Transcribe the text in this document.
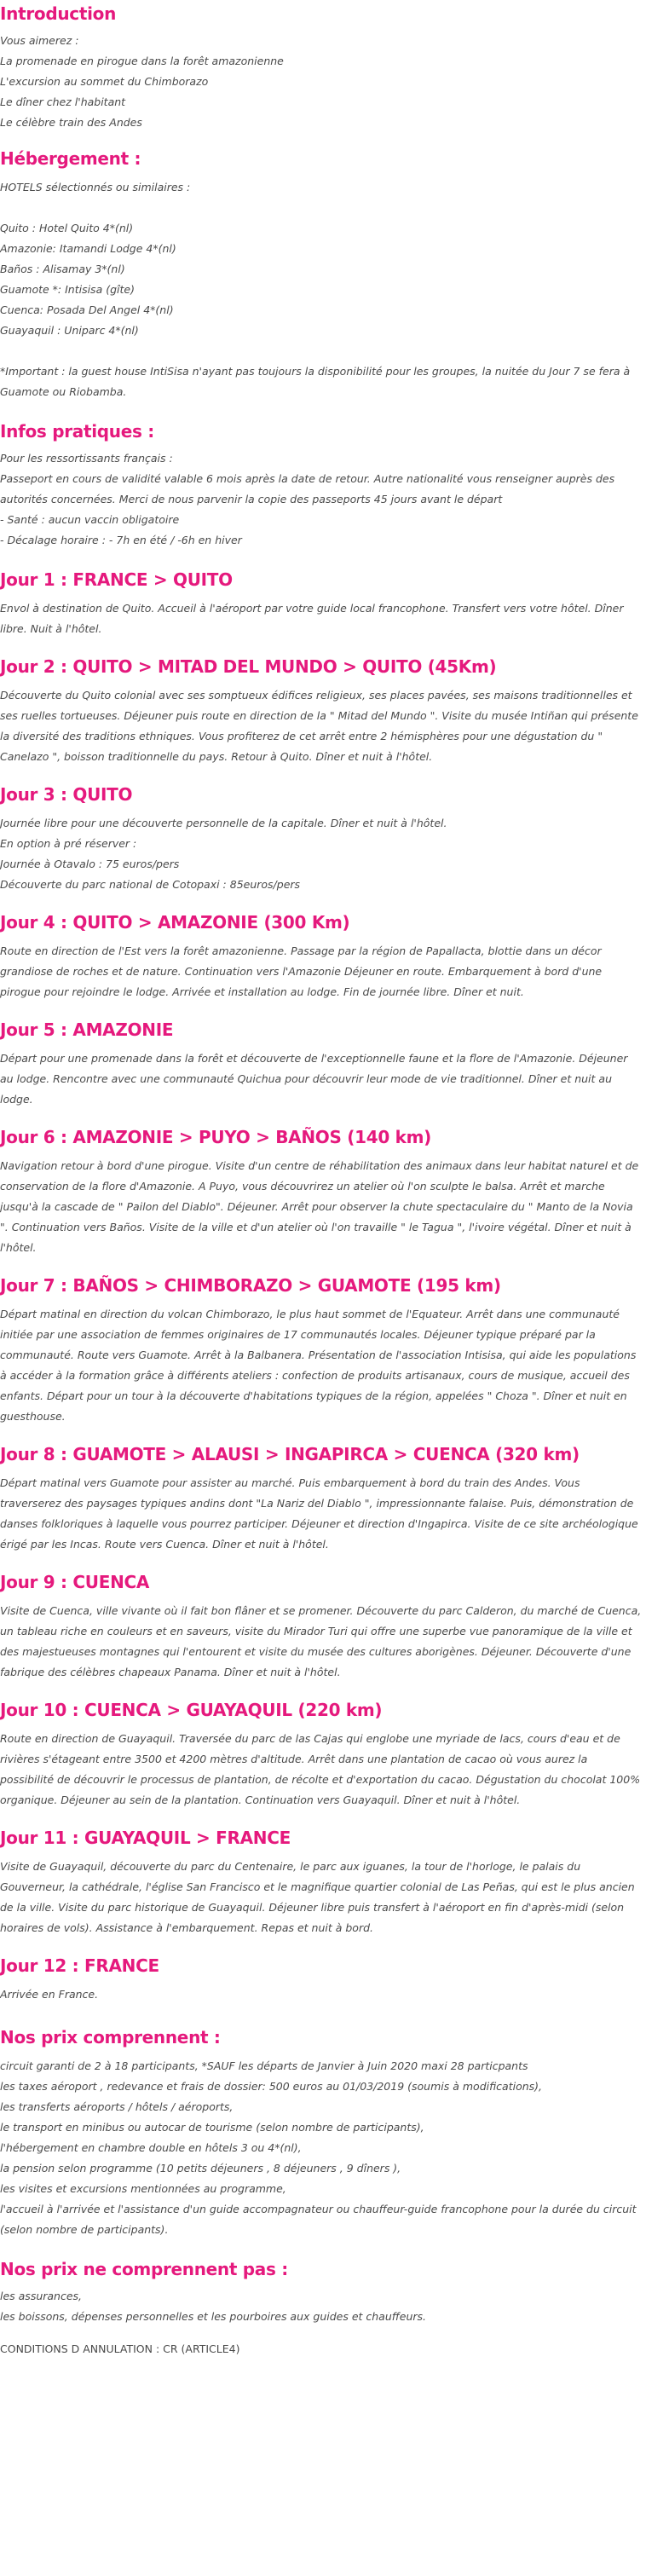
Introduction
Vous aimerez :
La promenade en pirogue dans la forêt amazonienne
L'excursion au sommet du Chimborazo
Le dîner chez l'habitant
Le célèbre train des Andes
Hébergement :
HOTELS sélectionnés ou similaires :
Quito : Hotel Quito 4*(nl)
Amazonie: Itamandi Lodge 4*(nl)
Baños : Alisamay 3*(nl)
Guamote *: Intisisa (gîte)
Cuenca: Posada Del Angel 4*(nl)
Guayaquil : Uniparc 4*(nl)

*Important : la guest house IntiSisa n'ayant pas toujours la disponibilité pour les groupes, la nuitée du Jour 7 se fera à Guamote ou Riobamba.

Infos pratiques :
Pour les ressortissants français :
Passeport en cours de validité valable 6 mois après la date de retour. Autre nationalité vous renseigner auprès des autorités concernées. Merci de nous parvenir la copie des passeports 45 jours avant le départ
- Santé : aucun vaccin obligatoire
- Décalage horaire : - 7h en été / -6h en hiver
Jour 1 : FRANCE > QUITO

Envol à destination de Quito. Accueil à l'aéroport par votre guide local francophone. Transfert vers votre hôtel. Dîner libre. Nuit à l'hôtel.

Jour 2 : QUITO > MITAD DEL MUNDO > QUITO (45Km)

Découverte du Quito colonial avec ses somptueux édifices religieux, ses places pavées, ses maisons traditionnelles et ses ruelles tortueuses. Déjeuner puis route en direction de la " Mitad del Mundo ". Visite du musée Intiñan qui présente la diversité des traditions ethniques. Vous profiterez de cet arrêt entre 2 hémisphères pour une dégustation du " Canelazo ", boisson traditionnelle du pays. Retour à Quito. Dîner et nuit à l'hôtel.

Jour 3 : QUITO
Journée libre pour une découverte personnelle de la capitale. Dîner et nuit à l'hôtel.
En option à pré réserver :
Journée à Otavalo : 75 euros/pers
Découverte du parc national de Cotopaxi : 85euros/pers
Jour 4 : QUITO > AMAZONIE (300 Km)

Route en direction de l'Est vers la forêt amazonienne. Passage par la région de Papallacta, blottie dans un décor grandiose de roches et de nature. Continuation vers l'Amazonie Déjeuner en route. Embarquement à bord d'une pirogue pour rejoindre le lodge. Arrivée et installation au lodge. Fin de journée libre. Dîner et nuit.

Jour 5 : AMAZONIE

Départ pour une promenade dans la forêt et découverte de l'exceptionnelle faune et la flore de l'Amazonie. Déjeuner au lodge. Rencontre avec une communauté Quichua pour découvrir leur mode de vie traditionnel. Dîner et nuit au lodge.

Jour 6 : AMAZONIE > PUYO > BAÑOS (140 km)

Navigation retour à bord d'une pirogue. Visite d'un centre de réhabilitation des animaux dans leur habitat naturel et de conservation de la flore d'Amazonie. A Puyo, vous découvrirez un atelier où l'on sculpte le balsa. Arrêt et marche jusqu'à la cascade de " Pailon del Diablo". Déjeuner. Arrêt pour observer la chute spectaculaire du " Manto de la Novia ". Continuation vers Baños. Visite de la ville et d'un atelier où l'on travaille " le Tagua ", l'ivoire végétal. Dîner et nuit à l'hôtel.

Jour 7 : BAÑOS > CHIMBORAZO > GUAMOTE (195 km)

Départ matinal en direction du volcan Chimborazo, le plus haut sommet de l'Equateur. Arrêt dans une communauté initiée par une association de femmes originaires de 17 communautés locales. Déjeuner typique préparé par la communauté. Route vers Guamote. Arrêt à la Balbanera. Présentation de l'association Intisisa, qui aide les populations à accéder à la formation grâce à différents ateliers : confection de produits artisanaux, cours de musique, accueil des enfants. Départ pour un tour à la découverte d'habitations typiques de la région, appelées " Choza ". Dîner et nuit en guesthouse.

Jour 8 : GUAMOTE > ALAUSI > INGAPIRCA > CUENCA (320 km)

Départ matinal vers Guamote pour assister au marché. Puis embarquement à bord du train des Andes. Vous traverserez des paysages typiques andins dont "La Nariz del Diablo ", impressionnante falaise. Puis, démonstration de danses folkloriques à laquelle vous pourrez participer. Déjeuner et direction d'Ingapirca. Visite de ce site archéologique érigé par les Incas. Route vers Cuenca. Dîner et nuit à l'hôtel.

Jour 9 : CUENCA

Visite de Cuenca, ville vivante où il fait bon flâner et se promener. Découverte du parc Calderon, du marché de Cuenca, un tableau riche en couleurs et en saveurs, visite du Mirador Turi qui offre une superbe vue panoramique de la ville et des majestueuses montagnes qui l'entourent et visite du musée des cultures aborigènes. Déjeuner. Découverte d'une fabrique des célèbres chapeaux Panama. Dîner et nuit à l'hôtel.

Jour 10 : CUENCA > GUAYAQUIL (220 km)

Route en direction de Guayaquil. Traversée du parc de las Cajas qui englobe une myriade de lacs, cours d'eau et de rivières s'étageant entre 3500 et 4200 mètres d'altitude. Arrêt dans une plantation de cacao où vous aurez la possibilité de découvrir le processus de plantation, de récolte et d'exportation du cacao. Dégustation du chocolat 100% organique. Déjeuner au sein de la plantation. Continuation vers Guayaquil. Dîner et nuit à l'hôtel.

Jour 11 : GUAYAQUIL > FRANCE

Visite de Guayaquil, découverte du parc du Centenaire, le parc aux iguanes, la tour de l'horloge, le palais du Gouverneur, la cathédrale, l'église San Francisco et le magnifique quartier colonial de Las Peñas, qui est le plus ancien de la ville. Visite du parc historique de Guayaquil. Déjeuner libre puis transfert à l'aéroport en fin d'après-midi (selon horaires de vols). Assistance à l'embarquement. Repas et nuit à bord.

Jour 12 : FRANCE

Arrivée en France.

Nos prix comprennent :
circuit garanti de 2 à 18 participants, *SAUF les départs de Janvier à Juin 2020 maxi 28 particpants
les taxes aéroport , redevance et frais de dossier: 500 euros au 01/03/2019 (soumis à modifications),
les transferts aéroports / hôtels / aéroports,
le transport en minibus ou autocar de tourisme (selon nombre de participants),
l'hébergement en chambre double en hôtels 3 ou 4*(nl),
la pension selon programme (10 petits déjeuners , 8 déjeuners , 9 dîners ),
les visites et excursions mentionnées au programme,
l'accueil à l'arrivée et l'assistance d'un guide accompagnateur ou chauffeur-guide francophone pour la durée du circuit (selon nombre de participants).
Nos prix ne comprennent pas :
les assurances,
les boissons, dépenses personnelles et les pourboires aux guides et chauffeurs.
CONDITIONS D ANNULATION : CR (ARTICLE4)
